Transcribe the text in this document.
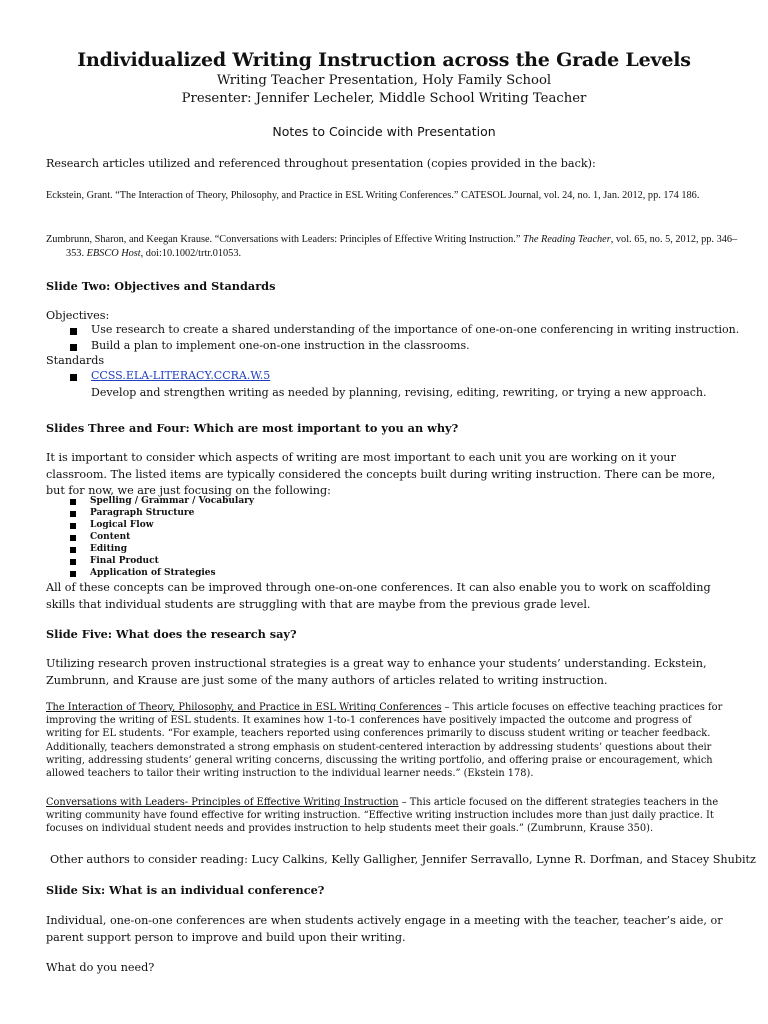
Individualized Writing Instruction across the Grade Levels
Writing Teacher Presentation, Holy Family School
Presenter: Jennifer Lecheler, Middle School Writing Teacher
Notes to Coincide with Presentation
Research articles utilized and referenced throughout presentation (copies provided in the back):
Eckstein, Grant. “The Interaction of Theory, Philosophy, and Practice in ESL Writing Conferences.” CATESOL Journal, vol. 24, no. 1, Jan. 2012, pp. 174 186.
Zumbrunn, Sharon, and Keegan Krause. “Conversations with Leaders: Principles of Effective Writing Instruction.” The Reading Teacher, vol. 65, no. 5, 2012, pp. 346–353. EBSCO Host, doi:10.1002/trtr.01053.
Slide Two: Objectives and Standards
Objectives:
Use research to create a shared understanding of the importance of one-on-one conferencing in writing instruction.
Build a plan to implement one-on-one instruction in the classrooms.
Standards
CCSS.ELA-LITERACY.CCRA.W.5
Develop and strengthen writing as needed by planning, revising, editing, rewriting, or trying a new approach.
Slides Three and Four: Which are most important to you an why?
It is important to consider which aspects of writing are most important to each unit you are working on it your classroom. The listed items are typically considered the concepts built during writing instruction. There can be more, but for now, we are just focusing on the following:
Spelling / Grammar / Vocabulary
Paragraph Structure
Logical Flow
Content
Editing
Final Product
Application of Strategies
All of these concepts can be improved through one-on-one conferences. It can also enable you to work on scaffolding skills that individual students are struggling with that are maybe from the previous grade level.
Slide Five: What does the research say?
Utilizing research proven instructional strategies is a great way to enhance your students’ understanding. Eckstein, Zumbrunn, and Krause are just some of the many authors of articles related to writing instruction.
The Interaction of Theory, Philosophy, and Practice in ESL Writing Conferences – This article focuses on effective teaching practices for improving the writing of ESL students. It examines how 1-to-1 conferences have positively impacted the outcome and progress of writing for EL students. “For example, teachers reported using conferences primarily to discuss student writing or teacher feedback. Additionally, teachers demonstrated a strong emphasis on student-centered interaction by addressing students’ questions about their writing, addressing students’ general writing concerns, discussing the writing portfolio, and offering praise or encouragement, which allowed teachers to tailor their writing instruction to the individual learner needs.” (Ekstein 178).
Conversations with Leaders- Principles of Effective Writing Instruction – This article focused on the different strategies teachers in the writing community have found effective for writing instruction. “Effective writing instruction includes more than just daily practice. It focuses on individual student needs and provides instruction to help students meet their goals.” (Zumbrunn, Krause 350).
Other authors to consider reading: Lucy Calkins, Kelly Galligher, Jennifer Serravallo, Lynne R. Dorfman, and Stacey Shubitz
Slide Six: What is an individual conference?
Individual, one-on-one conferences are when students actively engage in a meeting with the teacher, teacher’s aide, or parent support person to improve and build upon their writing.
What do you need?
